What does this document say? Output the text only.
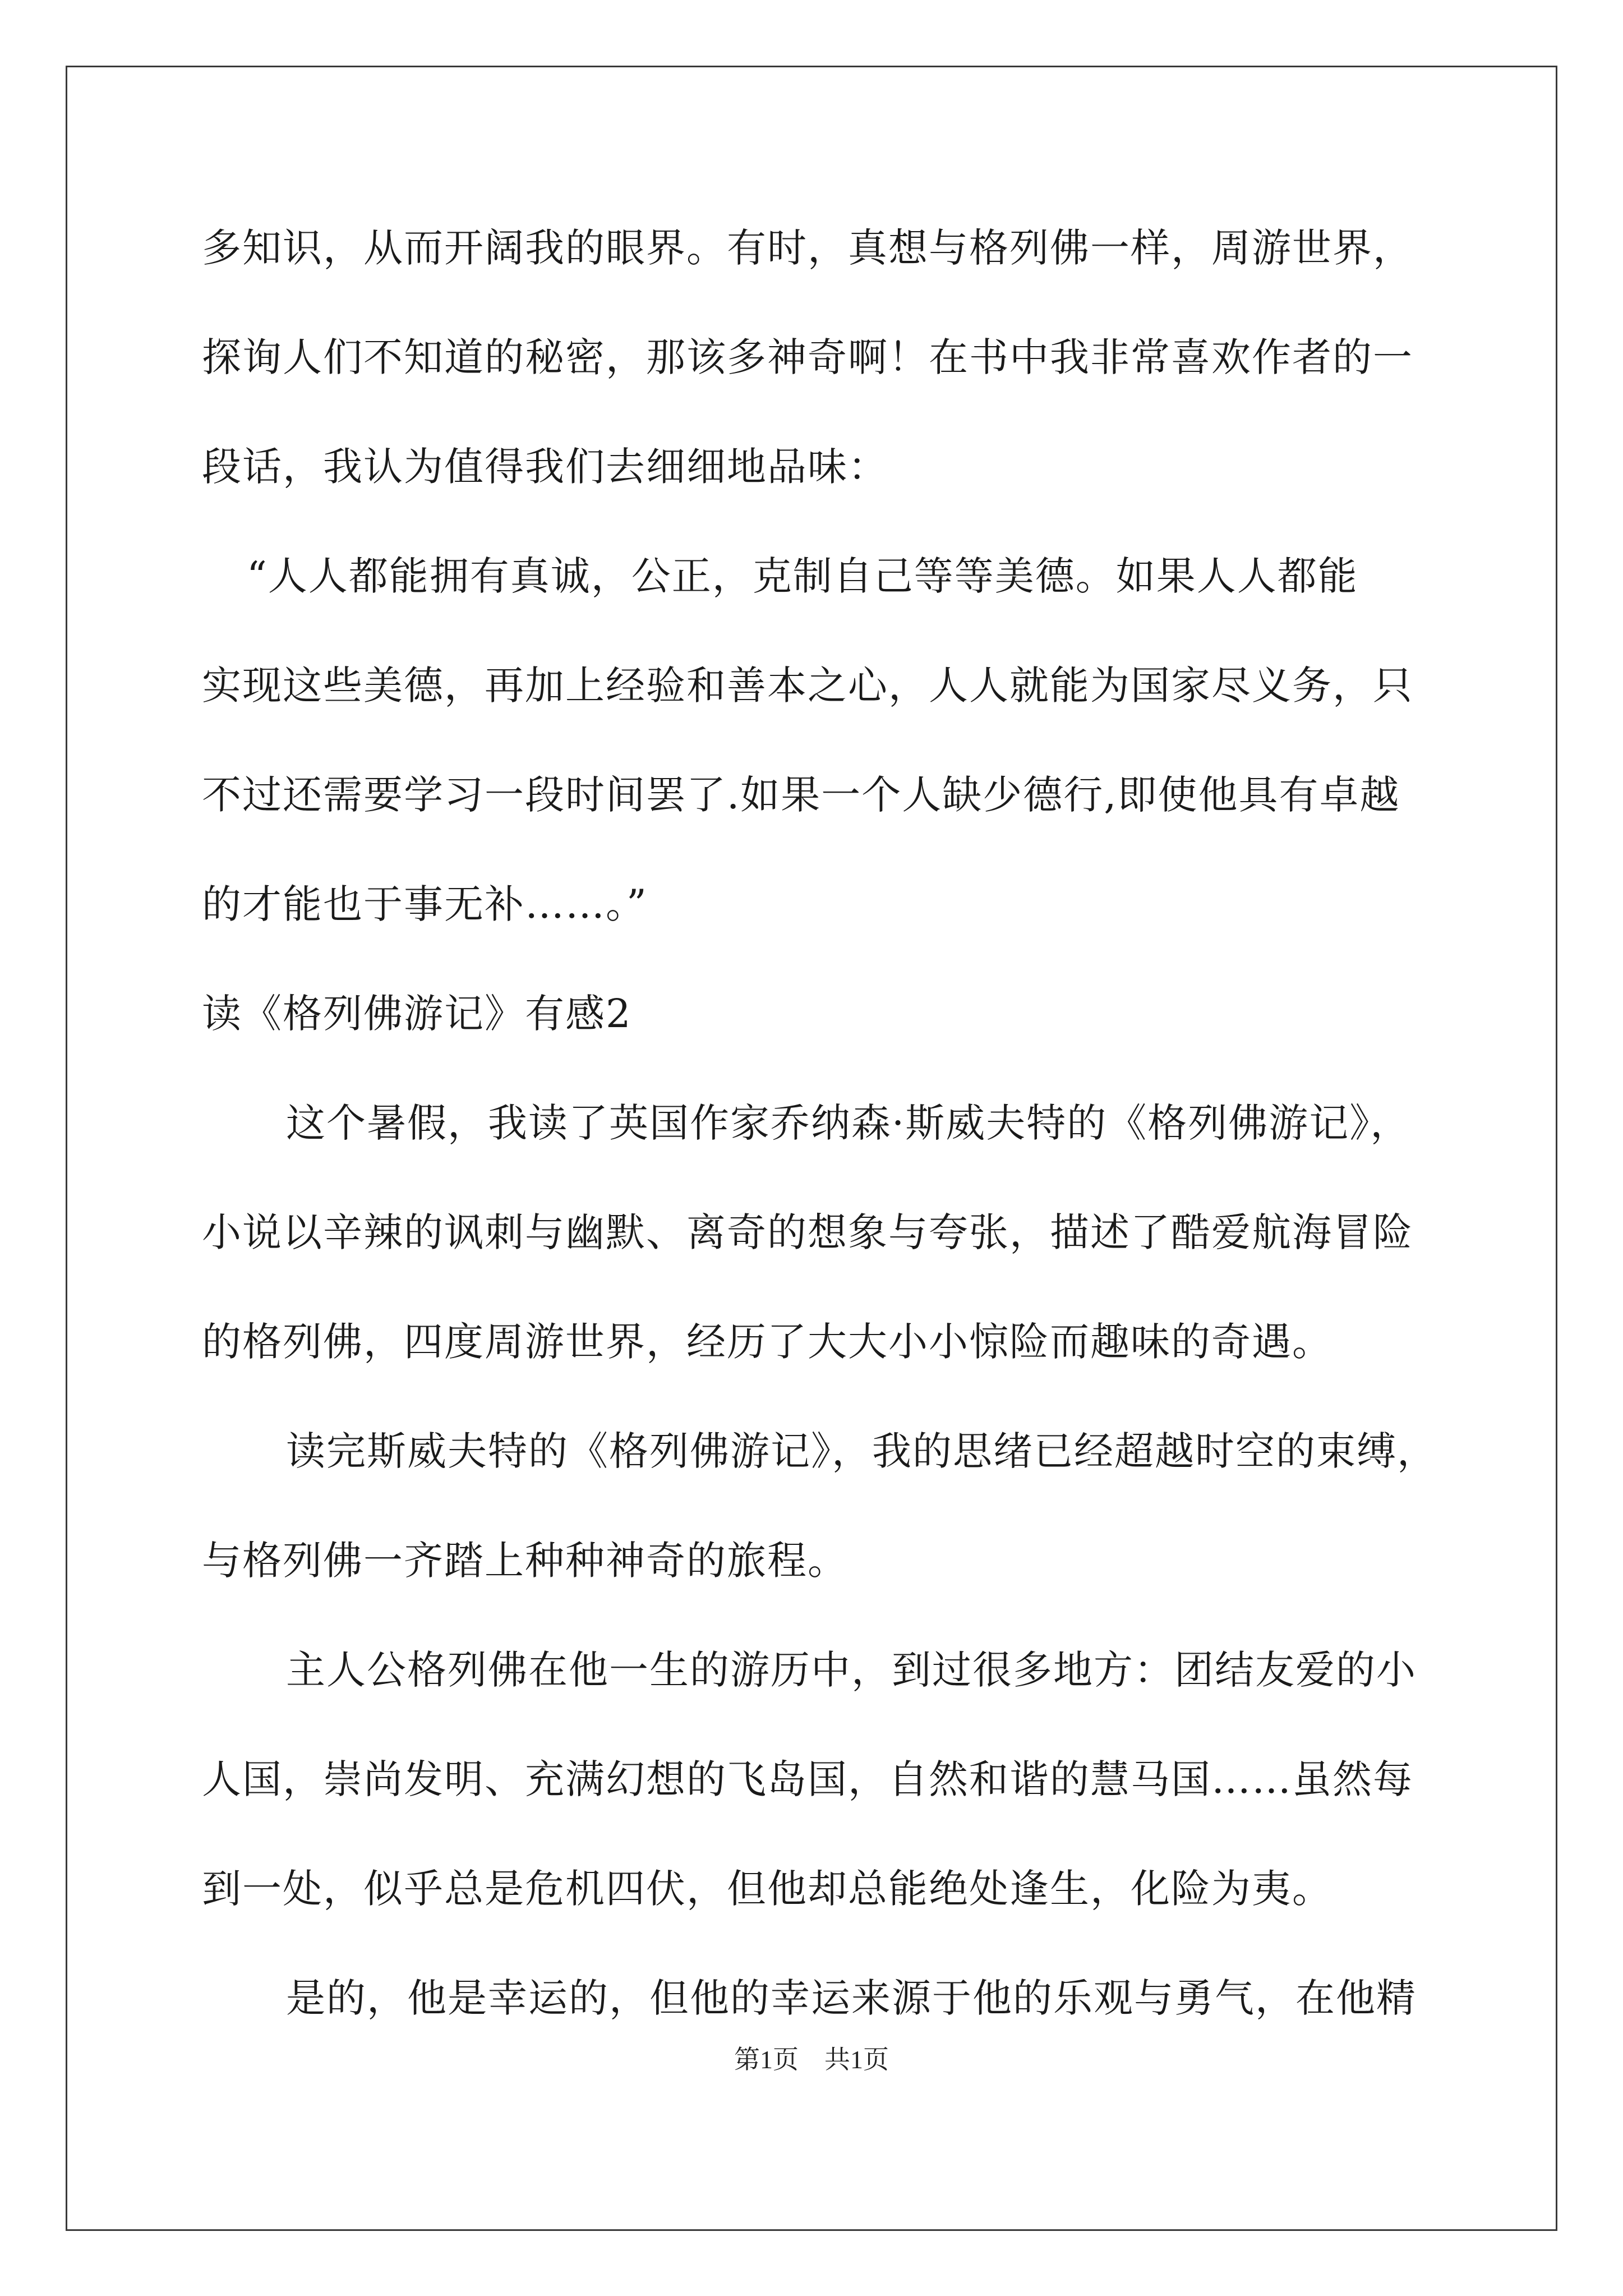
多知识，从而开阔我的眼界。有时，真想与格列佛一样，周游世界，
探询人们不知道的秘密，那该多神奇啊！在书中我非常喜欢作者的一
段话，我认为值得我们去细细地品味：
“人人都能拥有真诚，公正，克制自己等等美德。如果人人都能
实现这些美德，再加上经验和善本之心，人人就能为国家尽义务，只
不过还需要学习一段时间罢了.如果一个人缺少德行,即使他具有卓越
的才能也于事无补……。”
读《格列佛游记》有感2
这个暑假，我读了英国作家乔纳森·斯威夫特的《格列佛游记》，
小说以辛辣的讽刺与幽默、离奇的想象与夸张，描述了酷爱航海冒险
的格列佛，四度周游世界，经历了大大小小惊险而趣味的奇遇。
读完斯威夫特的《格列佛游记》，我的思绪已经超越时空的束缚，
与格列佛一齐踏上种种神奇的旅程。
主人公格列佛在他一生的游历中，到过很多地方：团结友爱的小
人国，崇尚发明、充满幻想的飞岛国，自然和谐的慧马国……虽然每
到一处，似乎总是危机四伏，但他却总能绝处逢生，化险为夷。
是的，他是幸运的，但他的幸运来源于他的乐观与勇气，在他精
第1页 共1页
